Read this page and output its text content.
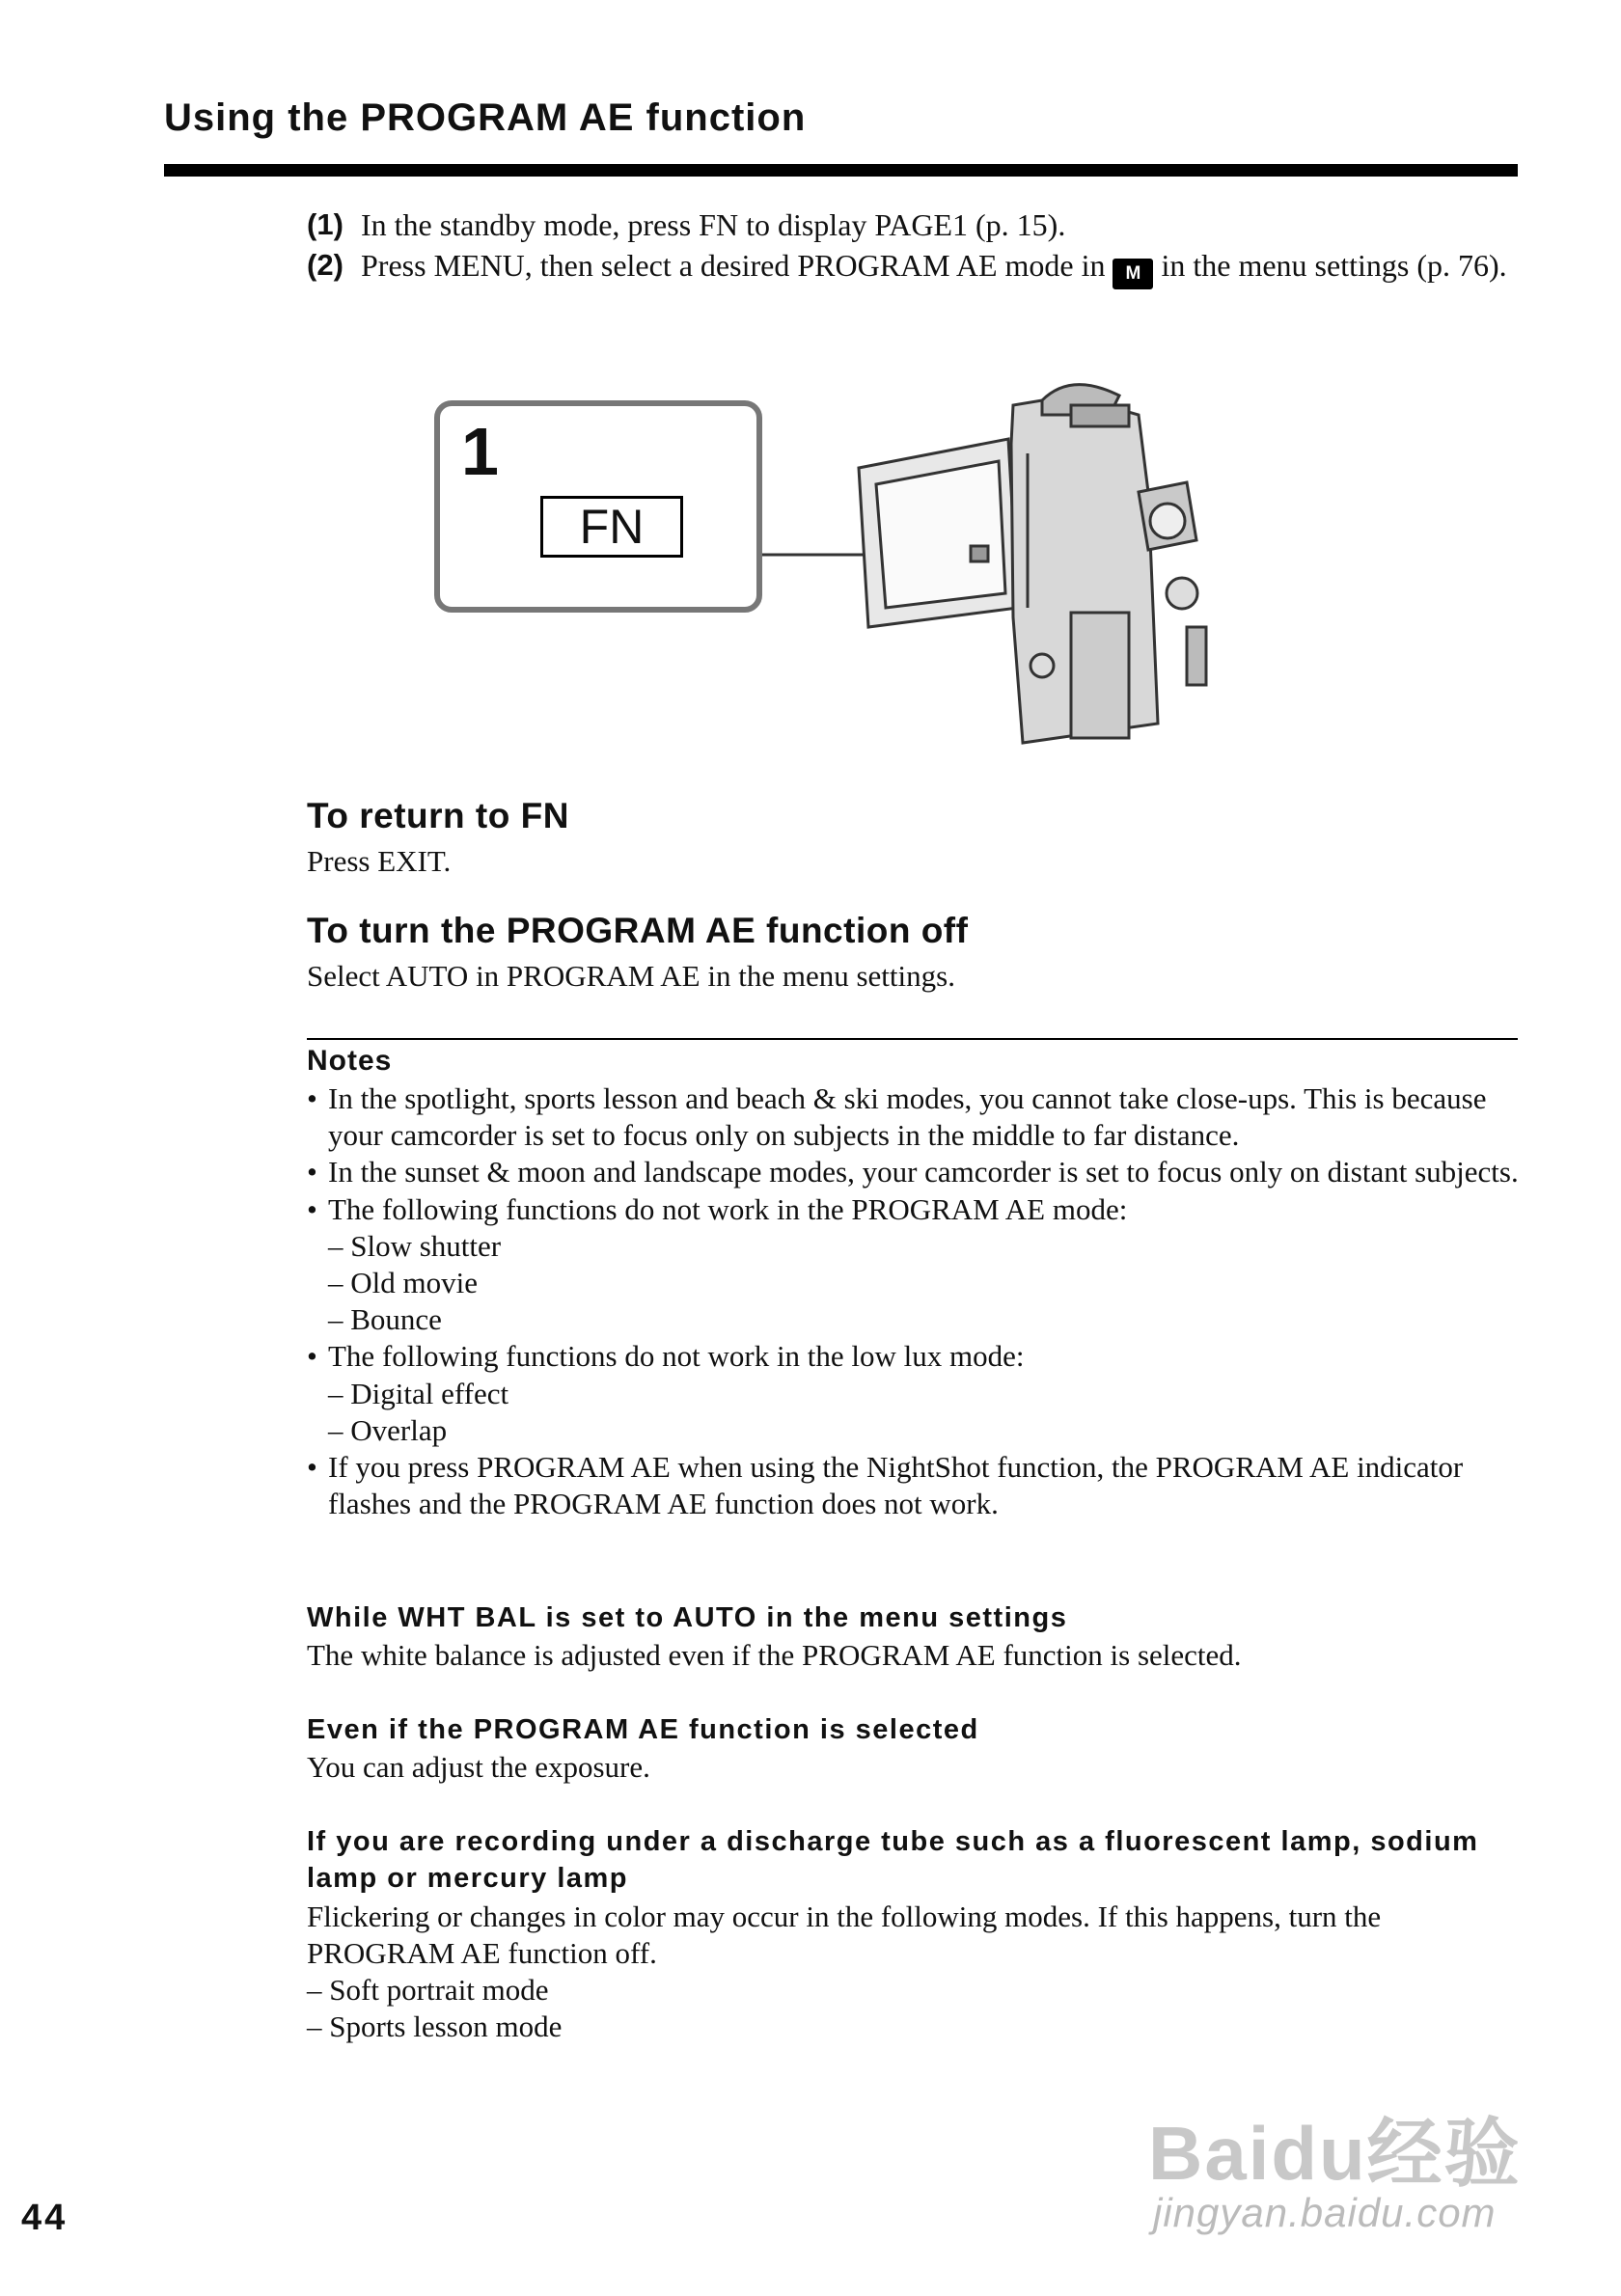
Using the PROGRAM AE function
(1) In the standby mode, press FN to display PAGE1 (p. 15).
(2) Press MENU, then select a desired PROGRAM AE mode in M in the menu settings (p. 76).
1
FN
To return to FN

Press EXIT.

To turn the PROGRAM AE function off

Select AUTO in PROGRAM AE in the menu settings.

Notes
• In the spotlight, sports lesson and beach & ski modes, you cannot take close-ups. This is because your camcorder is set to focus only on subjects in the middle to far distance.
• In the sunset & moon and landscape modes, your camcorder is set to focus only on distant subjects.
• The following functions do not work in the PROGRAM AE mode:
– Slow shutter
– Old movie
– Bounce
• The following functions do not work in the low lux mode:
– Digital effect
– Overlap
• If you press PROGRAM AE when using the NightShot function, the PROGRAM AE indicator flashes and the PROGRAM AE function does not work.
While WHT BAL is set to AUTO in the menu settings

The white balance is adjusted even if the PROGRAM AE function is selected.

Even if the PROGRAM AE function is selected

You can adjust the exposure.

If you are recording under a discharge tube such as a fluorescent lamp, sodium lamp or mercury lamp

Flickering or changes in color may occur in the following modes. If this happens, turn the PROGRAM AE function off.

– Soft portrait mode

– Sports lesson mode

44
Baidu经验
jingyan.baidu.com
